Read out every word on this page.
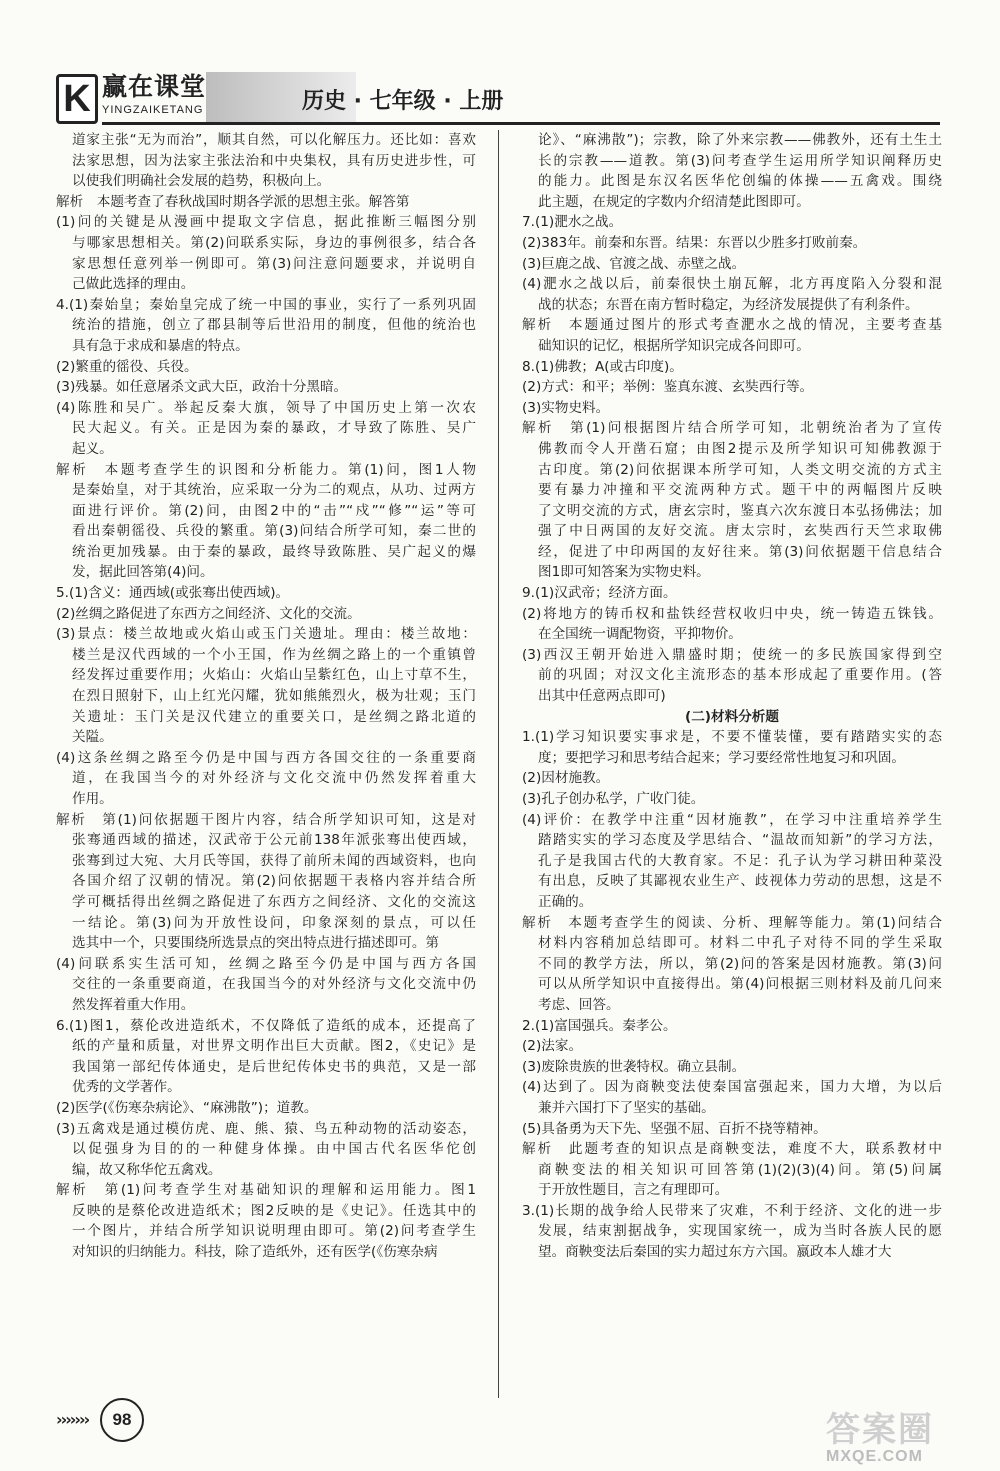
K 赢在课堂
YINGZAIKETANG	历史 · 七年级 · 上册
道家主张“无为而治”，顺其自然，可以化解压力。还比如：喜欢
法家思想，因为法家主张法治和中央集权，具有历史进步性，可
以使我们明确社会发展的趋势，积极向上。
解析　本题考查了春秋战国时期各学派的思想主张。解答第
(1)问的关键是从漫画中提取文字信息，据此推断三幅图分别
与哪家思想相关。第(2)问联系实际，身边的事例很多，结合各
家思想任意列举一例即可。第(3)问注意问题要求，并说明自
己做此选择的理由。
4.(1)秦始皇；秦始皇完成了统一中国的事业，实行了一系列巩固
统治的措施，创立了郡县制等后世沿用的制度，但他的统治也
具有急于求成和暴虐的特点。
(2)繁重的徭役、兵役。
(3)残暴。如任意屠杀文武大臣，政治十分黑暗。
(4)陈胜和吴广。举起反秦大旗，领导了中国历史上第一次农
民大起义。有关。正是因为秦的暴政，才导致了陈胜、吴广
起义。
解析　本题考查学生的识图和分析能力。第(1)问，图1人物
是秦始皇，对于其统治，应采取一分为二的观点，从功、过两方
面进行评价。第(2)问，由图2中的“击”“戍”“修”“运”等可
看出秦朝徭役、兵役的繁重。第(3)问结合所学可知，秦二世的
统治更加残暴。由于秦的暴政，最终导致陈胜、吴广起义的爆
发，据此回答第(4)问。
5.(1)含义：通西域(或张骞出使西域)。
(2)丝绸之路促进了东西方之间经济、文化的交流。
(3)景点：楼兰故地或火焰山或玉门关遗址。理由：楼兰故地：
楼兰是汉代西域的一个小王国，作为丝绸之路上的一个重镇曾
经发挥过重要作用；火焰山：火焰山呈紫红色，山上寸草不生，
在烈日照射下，山上红光闪耀，犹如熊熊烈火，极为壮观；玉门
关遗址：玉门关是汉代建立的重要关口，是丝绸之路北道的
关隘。
(4)这条丝绸之路至今仍是中国与西方各国交往的一条重要商
道，在我国当今的对外经济与文化交流中仍然发挥着重大
作用。
解析　第(1)问依据题干图片内容，结合所学知识可知，这是对
张骞通西域的描述，汉武帝于公元前138年派张骞出使西域，
张骞到过大宛、大月氏等国，获得了前所未闻的西域资料，也向
各国介绍了汉朝的情况。第(2)问依据题干表格内容并结合所
学可概括得出丝绸之路促进了东西方之间经济、文化的交流这
一结论。第(3)问为开放性设问，印象深刻的景点，可以任
选其中一个，只要围绕所选景点的突出特点进行描述即可。第
(4)问联系实生活可知，丝绸之路至今仍是中国与西方各国
交往的一条重要商道，在我国当今的对外经济与文化交流中仍
然发挥着重大作用。
6.(1)图1，蔡伦改进造纸术，不仅降低了造纸的成本，还提高了
纸的产量和质量，对世界文明作出巨大贡献。图2，《史记》是
我国第一部纪传体通史，是后世纪传体史书的典范，又是一部
优秀的文学著作。
(2)医学(《伤寒杂病论》、“麻沸散”)；道教。
(3)五禽戏是通过模仿虎、鹿、熊、猿、鸟五种动物的活动姿态，
以促强身为目的的一种健身体操。由中国古代名医华佗创
编，故又称华佗五禽戏。
解析　第(1)问考查学生对基础知识的理解和运用能力。图1
反映的是蔡伦改进造纸术；图2反映的是《史记》。任选其中的
一个图片，并结合所学知识说明理由即可。第(2)问考查学生
对知识的归纳能力。科技，除了造纸外，还有医学(《伤寒杂病
论》、“麻沸散”)；宗教，除了外来宗教——佛教外，还有土生土
长的宗教——道教。第(3)问考查学生运用所学知识阐释历史
的能力。此图是东汉名医华佗创编的体操——五禽戏。围绕
此主题，在规定的字数内介绍清楚此图即可。
7.(1)淝水之战。
(2)383年。前秦和东晋。结果：东晋以少胜多打败前秦。
(3)巨鹿之战、官渡之战、赤壁之战。
(4)淝水之战以后，前秦很快土崩瓦解，北方再度陷入分裂和混
战的状态；东晋在南方暂时稳定，为经济发展提供了有利条件。
解析　本题通过图片的形式考查淝水之战的情况，主要考查基
础知识的记忆，根据所学知识完成各问即可。
8.(1)佛教；A(或古印度)。
(2)方式：和平；举例：鉴真东渡、玄奘西行等。
(3)实物史料。
解析　第(1)问根据图片结合所学可知，北朝统治者为了宣传
佛教而令人开凿石窟；由图2提示及所学知识可知佛教源于
古印度。第(2)问依据课本所学可知，人类文明交流的方式主
要有暴力冲撞和平交流两种方式。题干中的两幅图片反映
了文明交流的方式，唐玄宗时，鉴真六次东渡日本弘扬佛法；加
强了中日两国的友好交流。唐太宗时，玄奘西行天竺求取佛
经，促进了中印两国的友好往来。第(3)问依据题干信息结合
图1即可知答案为实物史料。
9.(1)汉武帝；经济方面。
(2)将地方的铸币权和盐铁经营权收归中央，统一铸造五铢钱。
在全国统一调配物资，平抑物价。
(3)西汉王朝开始进入鼎盛时期；使统一的多民族国家得到空
前的巩固；对汉文化主流形态的基本形成起了重要作用。(答
出其中任意两点即可)
(二)材料分析题
1.(1)学习知识要实事求是，不要不懂装懂，要有踏踏实实的态
度；要把学习和思考结合起来；学习要经常性地复习和巩固。
(2)因材施教。
(3)孔子创办私学，广收门徒。
(4)评价：在教学中注重“因材施教”，在学习中注重培养学生
踏踏实实的学习态度及学思结合、“温故而知新”的学习方法，
孔子是我国古代的大教育家。不足：孔子认为学习耕田种菜没
有出息，反映了其鄙视农业生产、歧视体力劳动的思想，这是不
正确的。
解析　本题考查学生的阅读、分析、理解等能力。第(1)问结合
材料内容稍加总结即可。材料二中孔子对待不同的学生采取
不同的教学方法，所以，第(2)问的答案是因材施教。第(3)问
可以从所学知识中直接得出。第(4)问根据三则材料及前几问来
考虑、回答。
2.(1)富国强兵。秦孝公。
(2)法家。
(3)废除贵族的世袭特权。确立县制。
(4)达到了。因为商鞅变法使秦国富强起来，国力大增，为以后
兼并六国打下了坚实的基础。
(5)具备勇为天下先、坚强不屈、百折不挠等精神。
解析　此题考查的知识点是商鞅变法，难度不大，联系教材中
商鞅变法的相关知识可回答第(1)(2)(3)(4)问。第(5)问属
于开放性题目，言之有理即可。
3.(1)长期的战争给人民带来了灾难，不利于经济、文化的进一步
发展，结束割据战争，实现国家统一，成为当时各族人民的愿
望。商鞅变法后秦国的实力超过东方六国。嬴政本人雄才大
›››››››	98	答案圈
MXQE.COM
